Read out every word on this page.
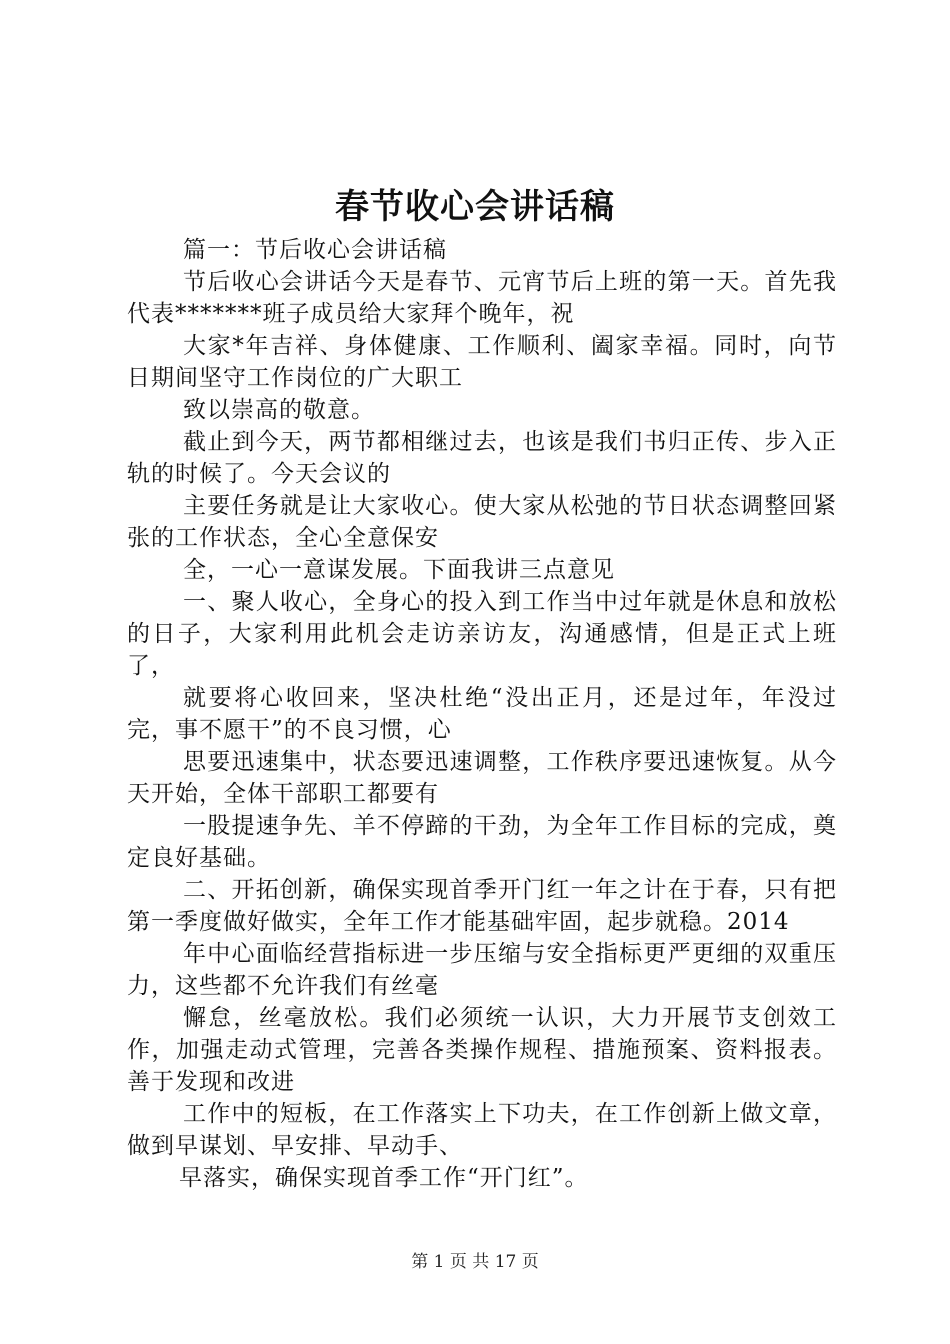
春节收心会讲话稿

篇一：节后收心会讲话稿

节后收心会讲话今天是春节、元宵节后上班的第一天。首先我代表*******班子成员给大家拜个晚年，祝

大家*年吉祥、身体健康、工作顺利、阖家幸福。同时，向节日期间坚守工作岗位的广大职工

致以崇高的敬意。

截止到今天，两节都相继过去，也该是我们书归正传、步入正轨的时候了。今天会议的

主要任务就是让大家收心。使大家从松弛的节日状态调整回紧张的工作状态，全心全意保安

全，一心一意谋发展。下面我讲三点意见

一、聚人收心，全身心的投入到工作当中过年就是休息和放松的日子，大家利用此机会走访亲访友，沟通感情，但是正式上班了，

就要将心收回来，坚决杜绝“没出正月，还是过年，年没过完，事不愿干”的不良习惯，心

思要迅速集中，状态要迅速调整，工作秩序要迅速恢复。从今天开始，全体干部职工都要有

一股提速争先、羊不停蹄的干劲，为全年工作目标的完成，奠定良好基础。

二、开拓创新，确保实现首季开门红一年之计在于春，只有把第一季度做好做实，全年工作才能基础牢固，起步就稳。2014

年中心面临经营指标进一步压缩与安全指标更严更细的双重压力，这些都不允许我们有丝毫

懈怠，丝毫放松。我们必须统一认识，大力开展节支创效工作，加强走动式管理，完善各类操作规程、措施预案、资料报表。善于发现和改进

工作中的短板，在工作落实上下功夫，在工作创新上做文章，做到早谋划、早安排、早动手、

早落实，确保实现首季工作“开门红”。

第 1 页 共 17 页
